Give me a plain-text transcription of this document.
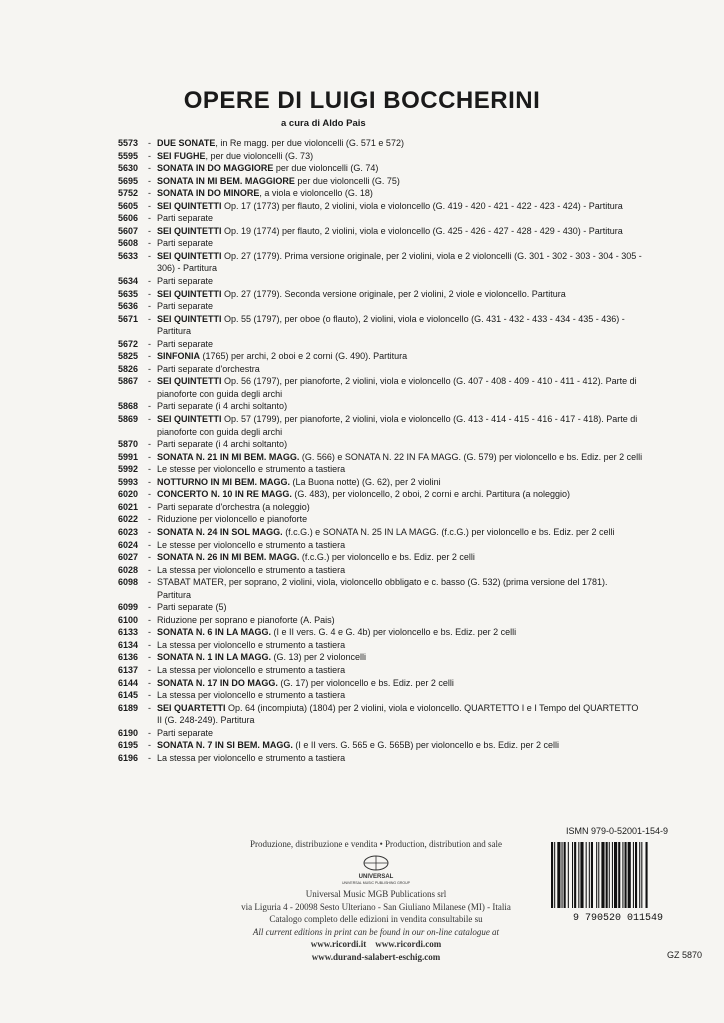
OPERE DI LUIGI BOCCHERINI
a cura di Aldo Pais
5573	- DUE SONATE, in Re magg. per due violoncelli (G. 571 e 572)
5595	- SEI FUGHE, per due violoncelli (G. 73)
5630	- SONATA IN DO MAGGIORE per due violoncelli (G. 74)
5695	- SONATA IN MI BEM. MAGGIORE per due violoncelli (G. 75)
5752	- SONATA IN DO MINORE, a viola e violoncello (G. 18)
5605	- SEI QUINTETTI Op. 17 (1773) per flauto, 2 violini, viola e violoncello (G. 419 - 420 - 421 - 422 - 423 - 424) - Partitura
5606	- Parti separate
5607	- SEI QUINTETTI Op. 19 (1774) per flauto, 2 violini, viola e violoncello (G. 425 - 426 - 427 - 428 - 429 - 430) - Partitura
5608	- Parti separate
5633	- SEI QUINTETTI Op. 27 (1779). Prima versione originale, per 2 violini, viola e 2 violoncelli (G. 301 - 302 - 303 - 304 - 305 - 306) - Partitura
5634	- Parti separate
5635	- SEI QUINTETTI Op. 27 (1779). Seconda versione originale, per 2 violini, 2 viole e violoncello. Partitura
5636	- Parti separate
5671	- SEI QUINTETTI Op. 55 (1797), per oboe (o flauto), 2 violini, viola e violoncello (G. 431 - 432 - 433 - 434 - 435 - 436) - Partitura
5672	- Parti separate
5825	- SINFONIA (1765) per archi, 2 oboi e 2 corni (G. 490). Partitura
5826	- Parti separate d'orchestra
5867	- SEI QUINTETTI Op. 56 (1797), per pianoforte, 2 violini, viola e violoncello (G. 407 - 408 - 409 - 410 - 411 - 412). Parte di pianoforte con guida degli archi
5868	- Parti separate (i 4 archi soltanto)
5869	- SEI QUINTETTI Op. 57 (1799), per pianoforte, 2 violini, viola e violoncello (G. 413 - 414 - 415 - 416 - 417 - 418). Parte di pianoforte con guida degli archi
5870	- Parti separate (i 4 archi soltanto)
5991	- SONATA N. 21 IN MI BEM. MAGG. (G. 566) e SONATA N. 22 IN FA MAGG. (G. 579) per violoncello e bs. Ediz. per 2 celli
5992	- Le stesse per violoncello e strumento a tastiera
5993	- NOTTURNO IN MI BEM. MAGG. (La Buona notte) (G. 62), per 2 violini
6020	- CONCERTO N. 10 IN RE MAGG. (G. 483), per violoncello, 2 oboi, 2 corni e archi. Partitura (a noleggio)
6021	- Parti separate d'orchestra (a noleggio)
6022	- Riduzione per violoncello e pianoforte
6023	- SONATA N. 24 IN SOL MAGG. (f.c.G.) e SONATA N. 25 IN LA MAGG. (f.c.G.) per violoncello e bs. Ediz. per 2 celli
6024	- Le stesse per violoncello e strumento a tastiera
6027	- SONATA N. 26 IN MI BEM. MAGG. (f.c.G.) per violoncello e bs. Ediz. per 2 celli
6028	- La stessa per violoncello e strumento a tastiera
6098	- STABAT MATER, per soprano, 2 violini, viola, violoncello obbligato e c. basso (G. 532) (prima versione del 1781). Partitura
6099	- Parti separate (5)
6100	- Riduzione per soprano e pianoforte (A. Pais)
6133	- SONATA N. 6 IN LA MAGG. (I e II vers. G. 4 e G. 4b) per violoncello e bs. Ediz. per 2 celli
6134	- La stessa per violoncello e strumento a tastiera
6136	- SONATA N. 1 IN LA MAGG. (G. 13) per 2 violoncelli
6137	- La stessa per violoncello e strumento a tastiera
6144	- SONATA N. 17 IN DO MAGG. (G. 17) per violoncello e bs. Ediz. per 2 celli
6145	- La stessa per violoncello e strumento a tastiera
6189	- SEI QUARTETTI Op. 64 (incompiuta) (1804) per 2 violini, viola e violoncello. QUARTETTO I e I Tempo del QUARTETTO II (G. 248-249). Partitura
6190	- Parti separate
6195	- SONATA N. 7 IN SI BEM. MAGG. (I e II vers. G. 565 e G. 565B) per violoncello e bs. Ediz. per 2 celli
6196	- La stessa per violoncello e strumento a tastiera
ISMN 979-0-52001-154-9
9 790520 011549
GZ 5870
Produzione, distribuzione e vendita • Production, distribution and sale
UNIVERSAL
UNIVERSAL MUSIC PUBLISHING GROUP
Universal Music MGB Publications srl
via Liguria 4 - 20098 Sesto Ulteriano - San Giuliano Milanese (MI) - Italia
Catalogo completo delle edizioni in vendita consultabile su
All current editions in print can be found in our on-line catalogue at
www.ricordi.it www.ricordi.com
www.durand-salabert-eschig.com
